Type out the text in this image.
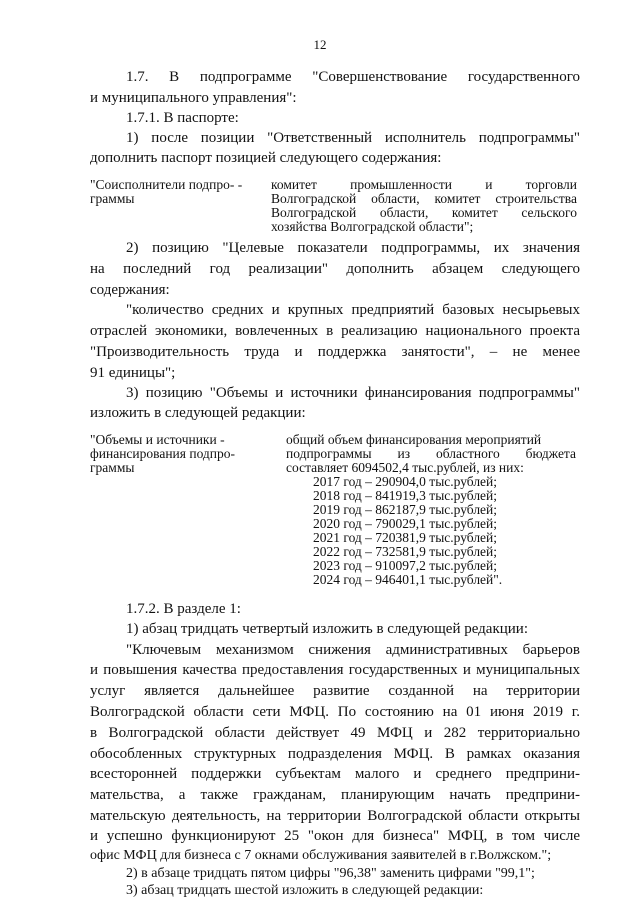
12
1.7. В подпрограмме "Совершенствование государственного
и муниципального управления":
1.7.1. В паспорте:
1) после позиции "Ответственный исполнитель подпрограммы"
дополнить паспорт позицией следующего содержания:
"Соисполнители подпро- -
граммы
комитет промышленности и торговли
Волгоградской области, комитет строительства
Волгоградской области, комитет сельского
хозяйства Волгоградской области";
2) позицию "Целевые показатели подпрограммы, их значения
на последний год реализации" дополнить абзацем следующего
содержания:
"количество средних и крупных предприятий базовых несырьевых
отраслей экономики, вовлеченных в реализацию национального проекта
"Производительность труда и поддержка занятости", – не менее
91 единицы";
3) позицию "Объемы и источники финансирования подпрограммы"
изложить в следующей редакции:
"Объемы и источники -
финансирования подпро-
граммы
общий объем финансирования мероприятий
подпрограммы из областного бюджета
составляет 6094502,4 тыс.рублей, из них:
2017 год – 290904,0 тыс.рублей;
2018 год – 841919,3 тыс.рублей;
2019 год – 862187,9 тыс.рублей;
2020 год – 790029,1 тыс.рублей;
2021 год – 720381,9 тыс.рублей;
2022 год – 732581,9 тыс.рублей;
2023 год – 910097,2 тыс.рублей;
2024 год – 946401,1 тыс.рублей".
1.7.2. В разделе 1:
1) абзац тридцать четвертый изложить в следующей редакции:
"Ключевым механизмом снижения административных барьеров
и повышения качества предоставления государственных и муниципальных
услуг является дальнейшее развитие созданной на территории
Волгоградской области сети МФЦ. По состоянию на 01 июня 2019 г.
в Волгоградской области действует 49 МФЦ и 282 территориально
обособленных структурных подразделения МФЦ. В рамках оказания
всесторонней поддержки субъектам малого и среднего предприни-
мательства, а также гражданам, планирующим начать предприни-
мательскую деятельность, на территории Волгоградской области открыты
и успешно функционируют 25 "окон для бизнеса" МФЦ, в том числе
офис МФЦ для бизнеса с 7 окнами обслуживания заявителей в г.Волжском.";
2) в абзаце тридцать пятом цифры "96,38" заменить цифрами "99,1";
3) абзац тридцать шестой изложить в следующей редакции:
